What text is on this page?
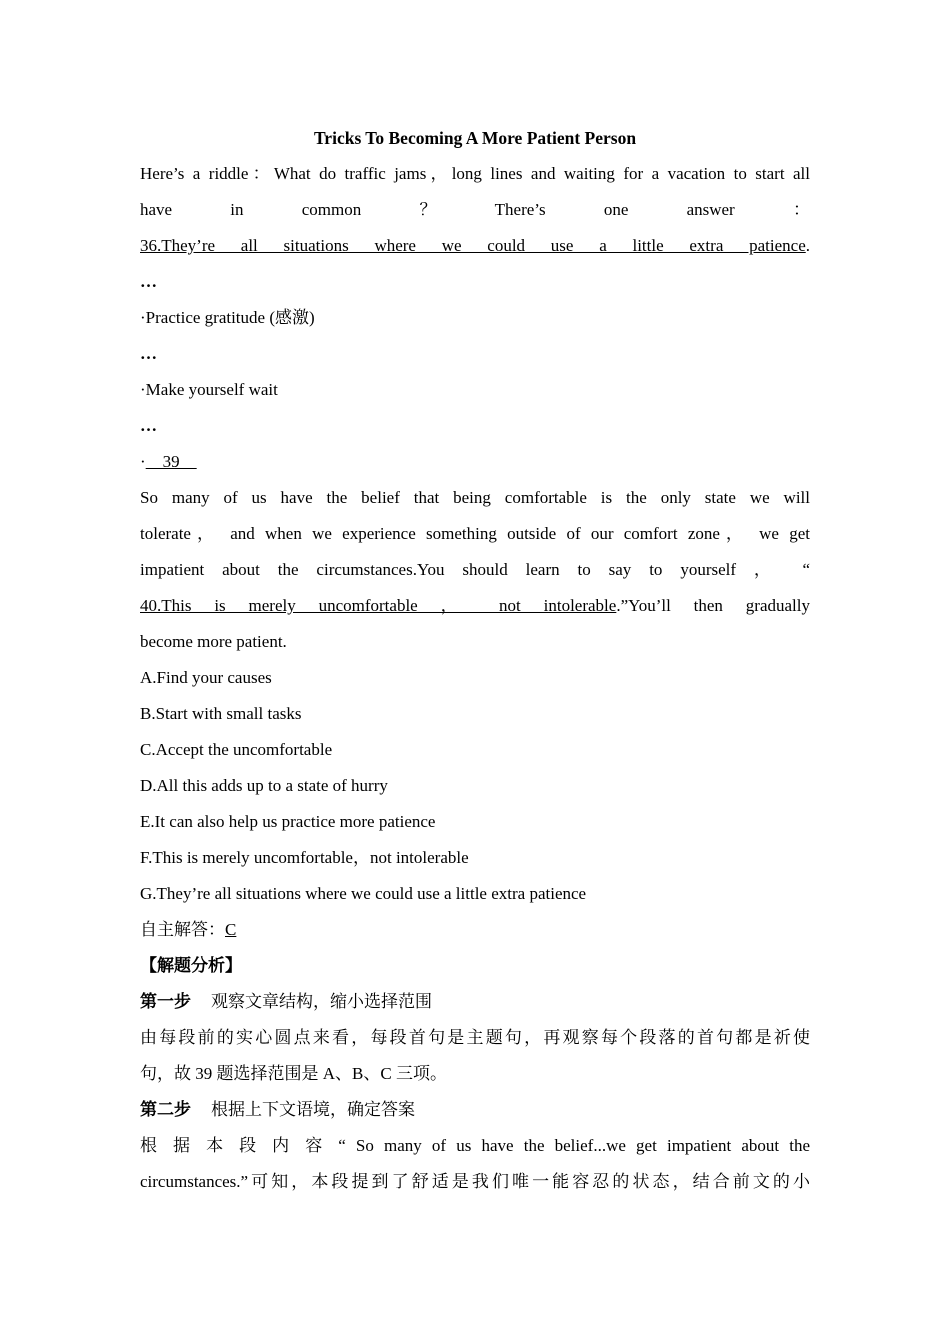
Tricks To Becoming A More Patient Person
Here’s a riddle：What do traffic jams，long lines and waiting for a vacation to start all
have	in	common	？	There’s	one	answer	：
36.They’re all situations where we could use a little extra patience.
…
·Practice gratitude (感激)
…
·Make yourself wait
…
·    39
So many of us have the belief that being comfortable is the only state we will
tolerate， and when we experience something outside of our comfort zone， we get
impatient about the circumstances.You should learn to say to yourself ， “
40.This is merely uncomfortable ， not intolerable.”You’ll then gradually
become more patient.
A.Find your causes
B.Start with small tasks
C.Accept the uncomfortable
D.All this adds up to a state of hurry
E.It can also help us practice more patience
F.This is merely uncomfortable，not intolerable
G.They’re all situations where we could use a little extra patience
自主解答：C
【解题分析】
第一步 观察文章结构，缩小选择范围
由每段前的实心圆点来看，每段首句是主题句，再观察每个段落的首句都是祈使
句，故 39 题选择范围是 A、B、C 三项。
第二步 根据上下文语境，确定答案
根 据 本 段 内 容 “ So many of us have the belief...we get impatient about the
circumstances.”可知，本段提到了舒适是我们唯一能容忍的状态，结合前文的小
